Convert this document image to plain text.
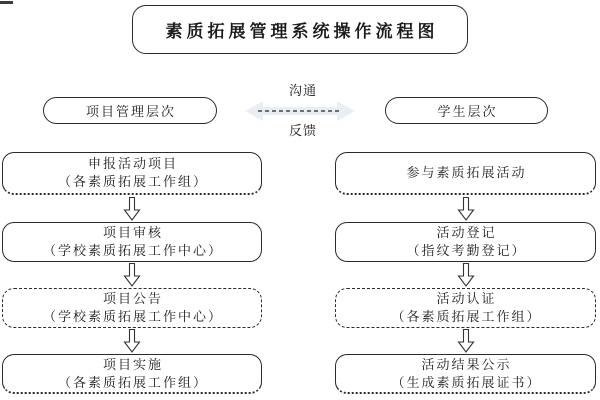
素质拓展管理系统操作流程图
项目管理层次
沟通
反馈
学生层次
申报活动项目
（各素质拓展工作组）
项目审核
（学校素质拓展工作中心）
项目公告
（学校素质拓展工作中心）
项目实施
（各素质拓展工作组）
参与素质拓展活动
活动登记
（指纹考勤登记）
活动认证
（各素质拓展工作组）
活动结果公示
（生成素质拓展证书）
